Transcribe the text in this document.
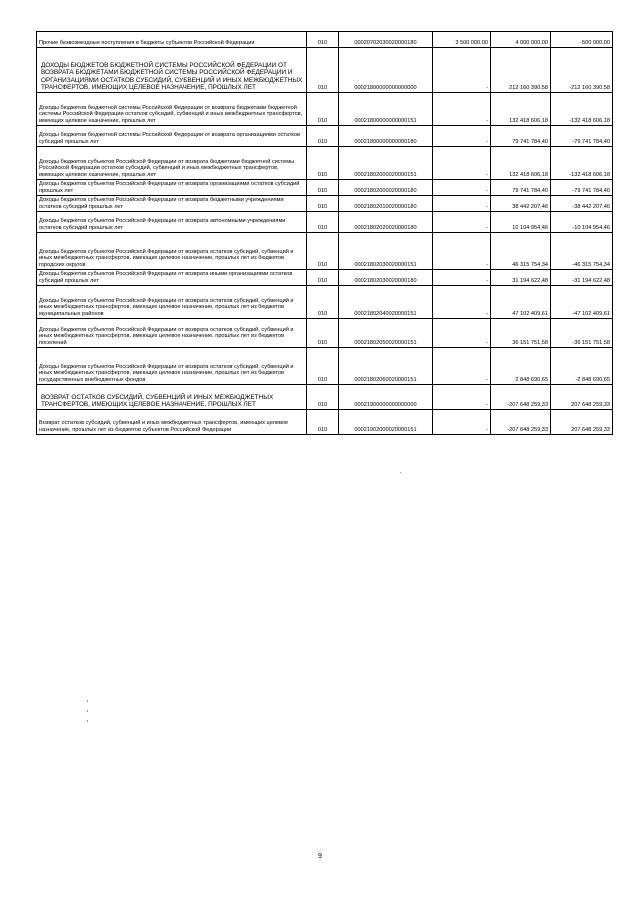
Прочие безвозмездные поступления в бюджеты субъектов Российской Федерации	010	00020702030020000180	3 500 000,00	4 000 000,00	-500 000,00
ДОХОДЫ БЮДЖЕТОВ БЮДЖЕТНОЙ СИСТЕМЫ РОССИЙСКОЙ ФЕДЕРАЦИИ ОТ ВОЗВРАТА БЮДЖЕТАМИ БЮДЖЕТНОЙ СИСТЕМЫ РОССИЙСКОЙ ФЕДЕРАЦИИ И ОРГАНИЗАЦИЯМИ ОСТАТКОВ СУБСИДИЙ, СУБВЕНЦИЙ И ИНЫХ МЕЖБЮДЖЕТНЫХ ТРАНСФЕРТОВ, ИМЕЮЩИХ ЦЕЛЕВОЕ НАЗНАЧЕНИЕ, ПРОШЛЫХ ЛЕТ	010	00021800000000000000	-	212 160 390,58	-212 160 390,58
Доходы бюджетов бюджетной системы Российской Федерации от возврата бюджетами бюджетной системы Российской Федерации остатков субсидий, субвенций и иных межбюджетных трансфертов, имеющих целевое назначение, прошлых лет	010	00021800000000000151	-	132 418 606,18	-132 418 606,18
Доходы бюджетов бюджетной системы Российской Федерации от возврата организациями остатков субсидий прошлых лет	010	00021800000000000180	-	79 741 784,40	-79 741 784,40
Доходы бюджетов субъектов Российской Федерации от возврата бюджетами бюджетной системы Российской Федерации остатков субсидий, субвенций и иных межбюджетных трансфертов, имеющих целевое назначение, прошлых лет	010	00021802000020000151	-	132 418 606,18	-132 418 606,18
Доходы бюджетов субъектов Российской Федерации от возврата организациями остатков субсидий прошлых лет	010	00021802000020000180	-	79 741 784,40	-79 741 784,40
Доходы бюджетов субъектов Российской Федерации от возврата бюджетными учреждениями остатков субсидий прошлых лет	010	00021802010020000180	-	38 442 207,46	-38 442 207,46
Доходы бюджетов субъектов Российской Федерации от возврата автономными учреждениями остатков субсидий прошлых лет	010	00021802020020000180	-	10 104 954,46	-10 104 954,46
Доходы бюджетов субъектов Российской Федерации от возврата остатков субсидий, субвенций и иных межбюджетных трансфертов, имеющих целевое назначение, прошлых лет из бюджетов городских округов	010	00021802030020000151	-	46 315 754,34	-46 315 754,34
Доходы бюджетов субъектов Российской Федерации от возврата иными организациями остатков субсидий прошлых лет	010	00021802030020000180	-	31 194 622,48	-31 194 622,48
Доходы бюджетов субъектов Российской Федерации от возврата остатков субсидий, субвенций и иных межбюджетных трансфертов, имеющих целевое назначение, прошлых лет из бюджетов муниципальных районов	010	00021802040020000151	-	47 102 409,61	-47 102 409,61
Доходы бюджетов субъектов Российской Федерации от возврата остатков субсидий, субвенций и иных межбюджетных трансфертов, имеющих целевое назначение, прошлых лет из бюджетов поселений	010	00021802050020000151	-	36 151 751,58	-36 151 751,58
Доходы бюджетов субъектов Российской Федерации от возврата остатков субсидий, субвенций и иных межбюджетных трансфертов, имеющих целевое назначение, прошлых лет из бюджетов государственных внебюджетных фондов	010	00021802060020000151	-	2 848 690,65	-2 848 690,65
ВОЗВРАТ ОСТАТКОВ СУБСИДИЙ, СУБВЕНЦИЙ И ИНЫХ МЕЖБЮДЖЕТНЫХ ТРАНСФЕРТОВ, ИМЕЮЩИХ ЦЕЛЕВОЕ НАЗНАЧЕНИЕ, ПРОШЛЫХ ЛЕТ	010	00021900000000000000	-	-207 648 259,33	207 648 259,33
Возврат остатков субсидий, субвенций и иных межбюджетных трансфертов, имеющих целевое назначение, прошлых лет из бюджетов субъектов Российской Федерации	010	00021902000020000151	-	-207 648 259,33	207 648 259,33
9
